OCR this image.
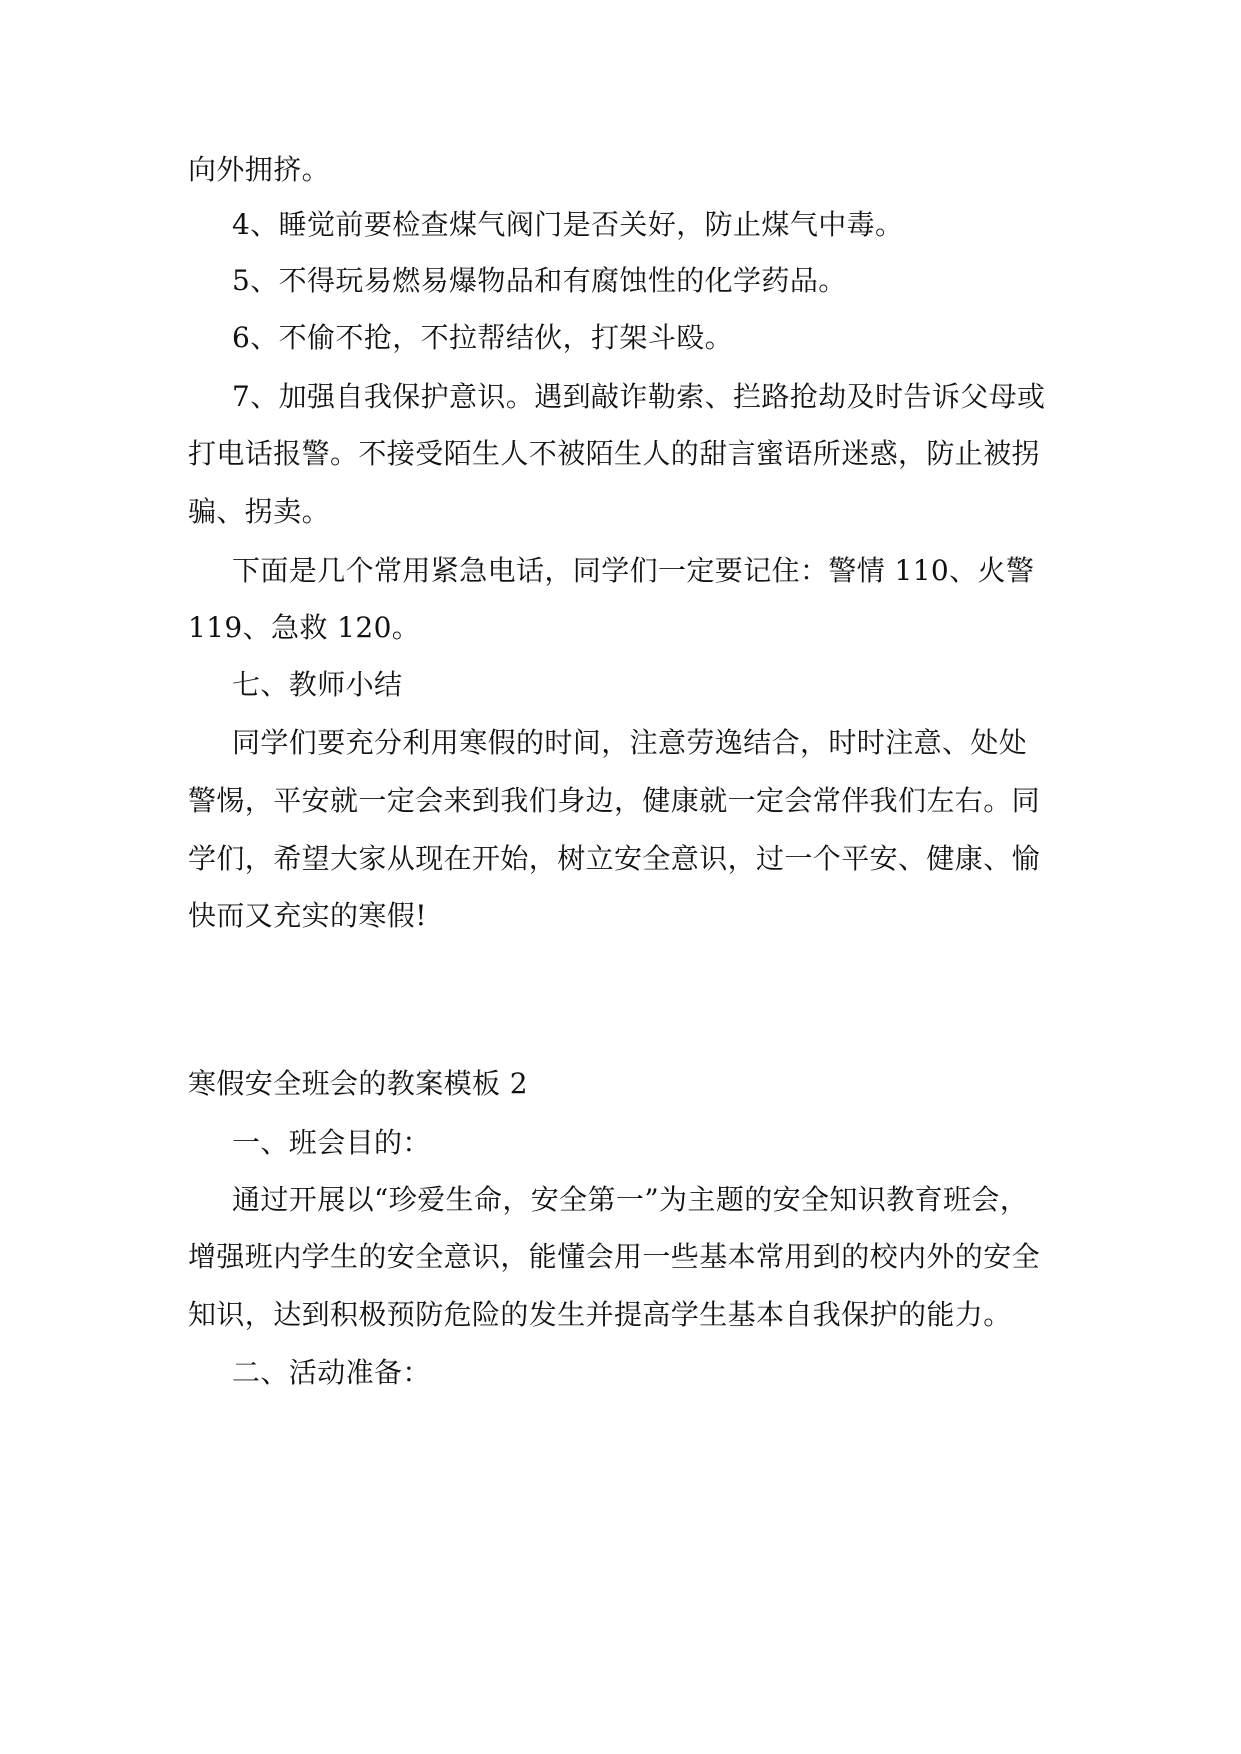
向外拥挤。
4、睡觉前要检查煤气阀门是否关好，防止煤气中毒。
5、不得玩易燃易爆物品和有腐蚀性的化学药品。
6、不偷不抢，不拉帮结伙，打架斗殴。
7、加强自我保护意识。遇到敲诈勒索、拦路抢劫及时告诉父母或
打电话报警。不接受陌生人不被陌生人的甜言蜜语所迷惑，防止被拐
骗、拐卖。
下面是几个常用紧急电话，同学们一定要记住：警情 110、火警
119、急救 120。
七、教师小结
同学们要充分利用寒假的时间，注意劳逸结合，时时注意、处处
警惕，平安就一定会来到我们身边，健康就一定会常伴我们左右。同
学们，希望大家从现在开始，树立安全意识，过一个平安、健康、愉
快而又充实的寒假!
寒假安全班会的教案模板 2
一、班会目的：
通过开展以“珍爱生命，安全第一”为主题的安全知识教育班会，
增强班内学生的安全意识，能懂会用一些基本常用到的校内外的安全
知识，达到积极预防危险的发生并提高学生基本自我保护的能力。
二、活动准备：
